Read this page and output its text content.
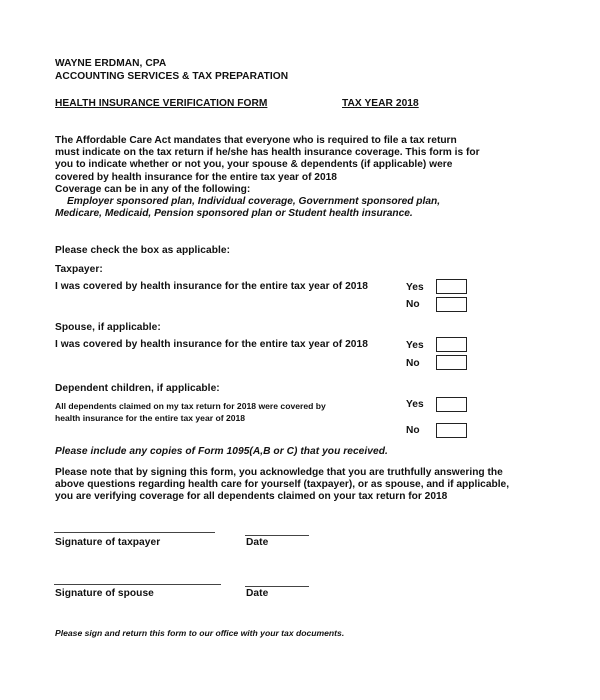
WAYNE ERDMAN, CPA
ACCOUNTING SERVICES & TAX PREPARATION
HEALTH INSURANCE VERIFICATION FORM	TAX YEAR 2018
The Affordable Care Act mandates that everyone who is required to file a tax return
must indicate on the tax return if he/she has health insurance coverage. This form is for
you to indicate whether or not you, your spouse & dependents (if applicable) were
covered by health insurance for the entire tax year of 2018
Coverage can be in any of the following:
Employer sponsored plan, Individual coverage, Government sponsored plan,
Medicare, Medicaid, Pension sponsored plan or Student health insurance.
Please check the box as applicable:
Taxpayer:
I was covered by health insurance for the entire tax year of 2018	Yes
No
Spouse, if applicable:
I was covered by health insurance for the entire tax year of 2018	Yes
No
Dependent children, if applicable:
All dependents claimed on my tax return for 2018 were covered by
health insurance for the entire tax year of 2018
Yes
No
Please include any copies of Form 1095(A,B or C) that you received.
Please note that by signing this form, you acknowledge that you are truthfully answering the
above questions regarding health care for yourself (taxpayer), or as spouse, and if applicable,
you are verifying coverage for all dependents claimed on your tax return for 2018
Signature of taxpayer	Date
Signature of spouse	Date
Please sign and return this form to our office with your tax documents.
